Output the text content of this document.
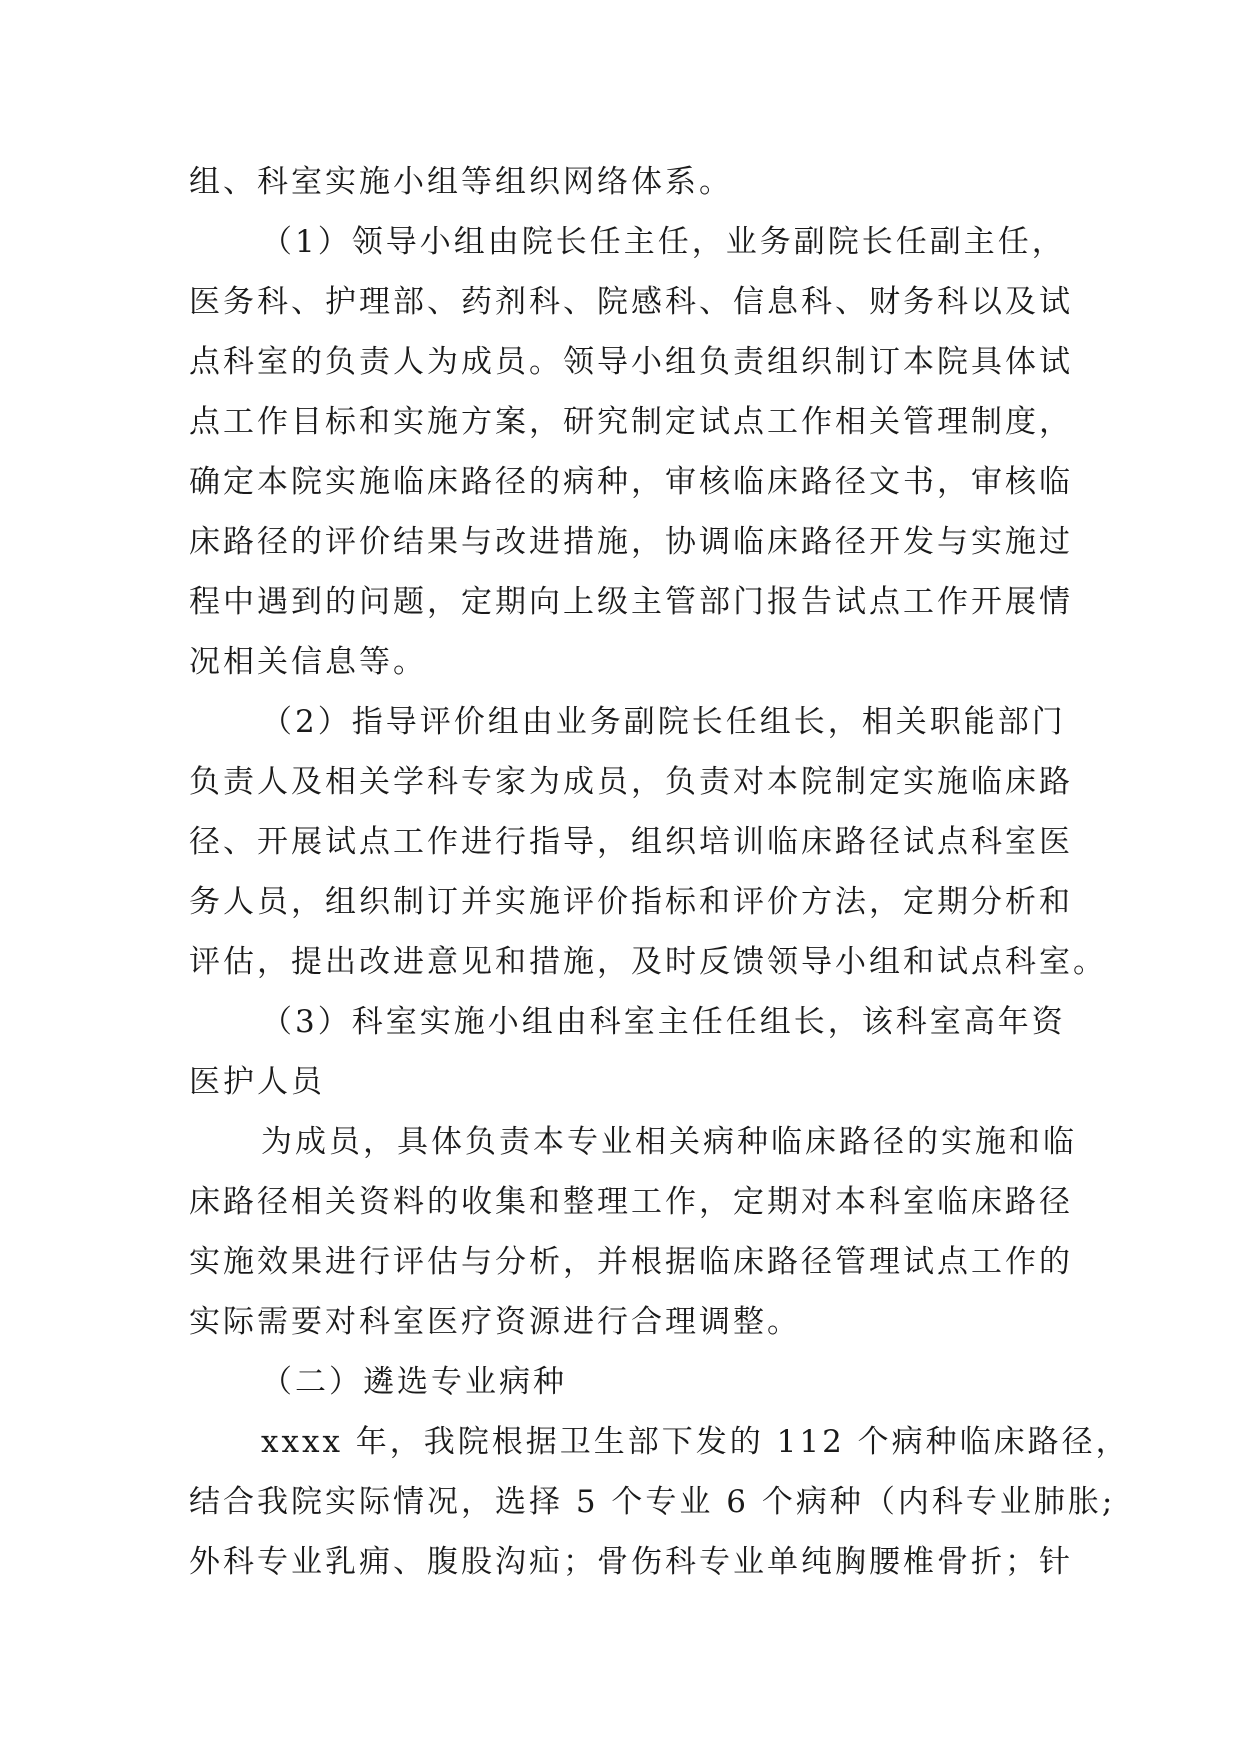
组、科室实施小组等组织网络体系。
（1）领导小组由院长任主任，业务副院长任副主任，
医务科、护理部、药剂科、院感科、信息科、财务科以及试
点科室的负责人为成员。领导小组负责组织制订本院具体试
点工作目标和实施方案，研究制定试点工作相关管理制度，
确定本院实施临床路径的病种，审核临床路径文书，审核临
床路径的评价结果与改进措施，协调临床路径开发与实施过
程中遇到的问题，定期向上级主管部门报告试点工作开展情
况相关信息等。
（2）指导评价组由业务副院长任组长，相关职能部门
负责人及相关学科专家为成员，负责对本院制定实施临床路
径、开展试点工作进行指导，组织培训临床路径试点科室医
务人员，组织制订并实施评价指标和评价方法，定期分析和
评估，提出改进意见和措施，及时反馈领导小组和试点科室。
（3）科室实施小组由科室主任任组长，该科室高年资
医护人员
为成员，具体负责本专业相关病种临床路径的实施和临
床路径相关资料的收集和整理工作，定期对本科室临床路径
实施效果进行评估与分析，并根据临床路径管理试点工作的
实际需要对科室医疗资源进行合理调整。
（二）遴选专业病种
xxxx 年，我院根据卫生部下发的 112 个病种临床路径，
结合我院实际情况，选择 5 个专业 6 个病种（内科专业肺胀;
外科专业乳痈、腹股沟疝；骨伤科专业单纯胸腰椎骨折；针
